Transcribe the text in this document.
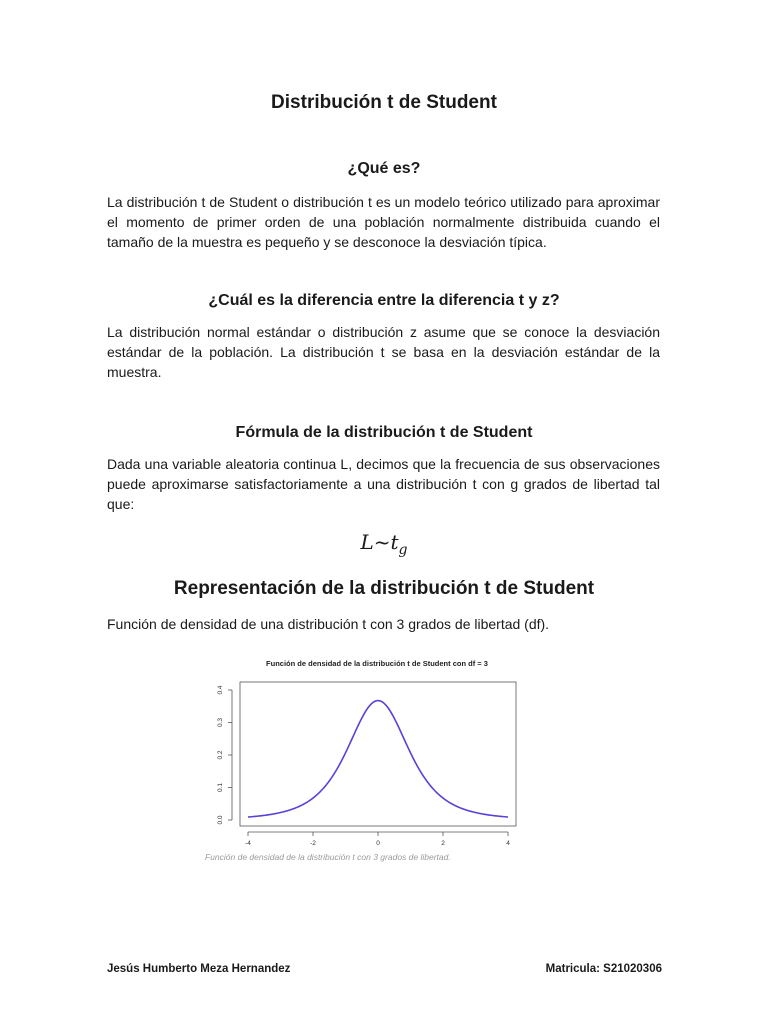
Distribución t de Student
¿Qué es?

La distribución t de Student o distribución t es un modelo teórico utilizado para aproximar el momento de primer orden de una población normalmente distribuida cuando el tamaño de la muestra es pequeño y se desconoce la desviación típica.

¿Cuál es la diferencia entre la diferencia t y z?

La distribución normal estándar o distribución z asume que se conoce la desviación estándar de la población. La distribución t se basa en la desviación estándar de la muestra.

Fórmula de la distribución t de Student

Dada una variable aleatoria continua L, decimos que la frecuencia de sus observaciones puede aproximarse satisfactoriamente a una distribución t con g grados de libertad tal que:

$L\sim t_g$

Representación de la distribución t de Student

Función de densidad de una distribución t con 3 grados de libertad (df).

Función de densidad de la distribución t de Student con df = 3
-4	-2	0	2	4
0.0
0.1
0.2
0.3
0.4

Función de densidad de la distribución t con 3 grados de libertad.

Jesús Humberto Meza Hernandez	Matricula: S21020306
